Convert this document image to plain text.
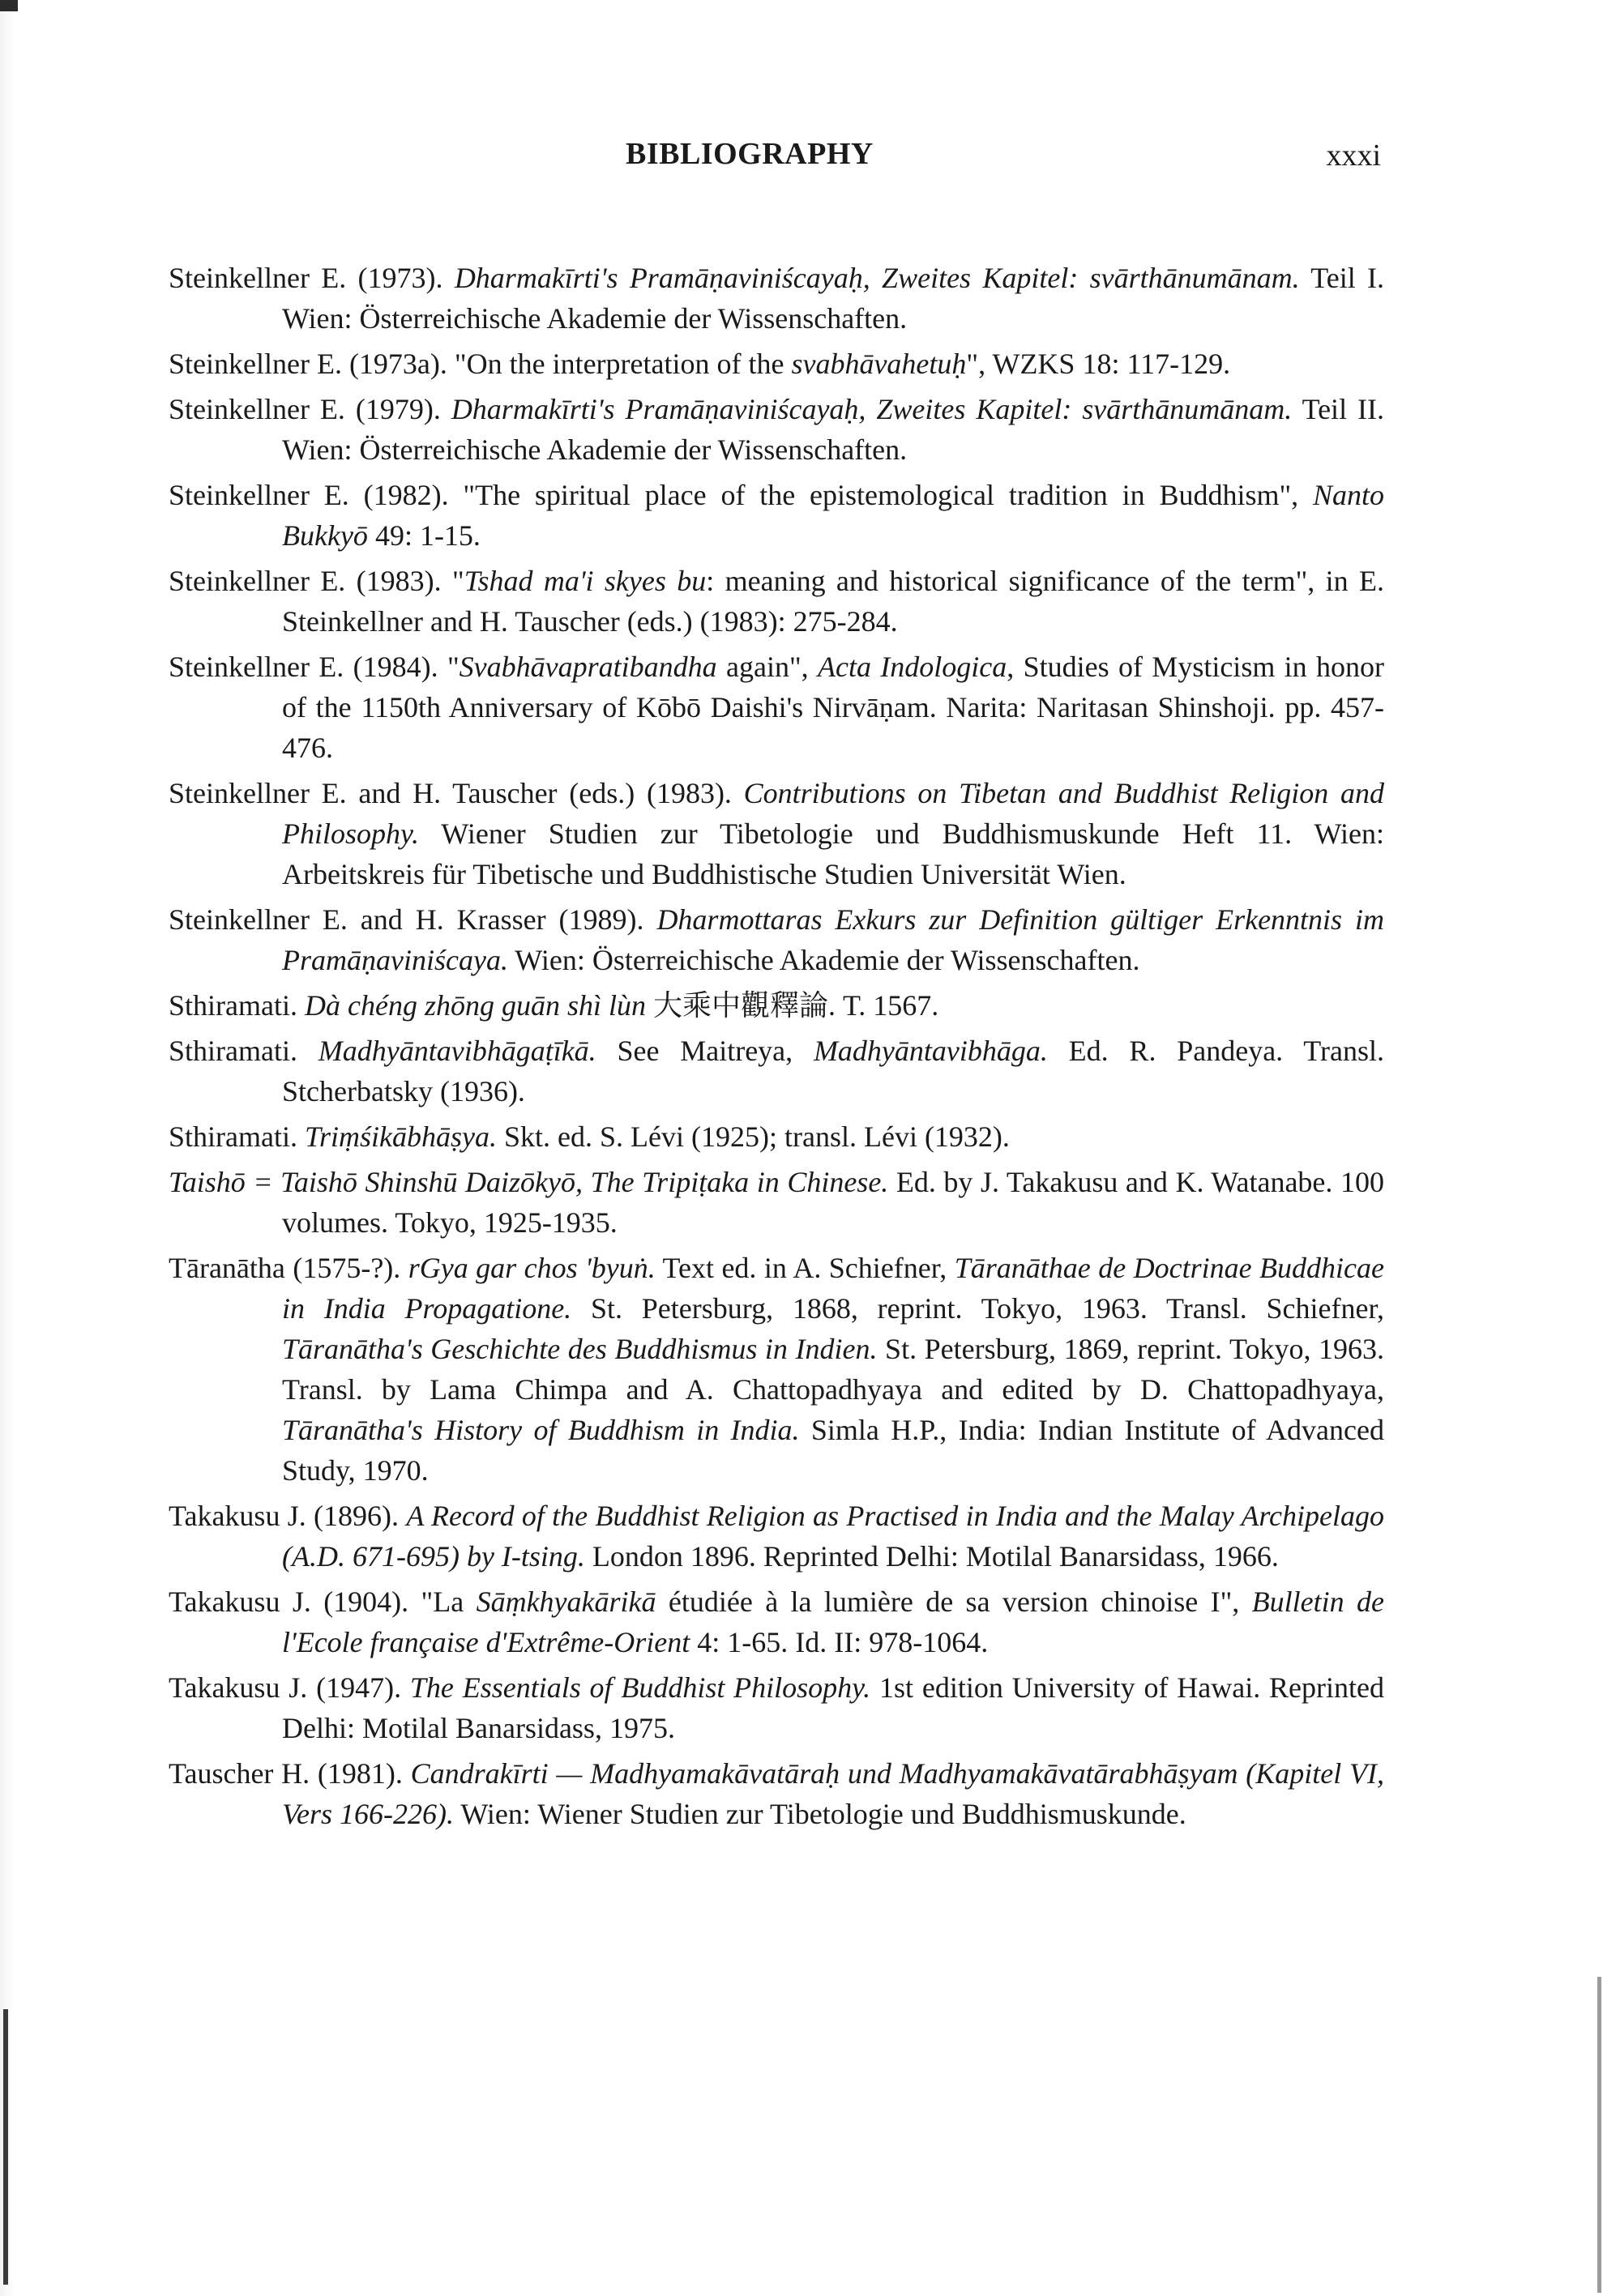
BIBLIOGRAPHY	xxxi

Steinkellner E. (1973). Dharmakīrti's Pramāṇaviniścayaḥ, Zweites Kapitel: svārthānumānam. Teil I. Wien: Österreichische Akademie der Wissenschaften.

Steinkellner E. (1973a). "On the interpretation of the svabhāvahetuḥ", WZKS 18: 117-129.

Steinkellner E. (1979). Dharmakīrti's Pramāṇaviniścayaḥ, Zweites Kapitel: svārthānumānam. Teil II. Wien: Österreichische Akademie der Wissenschaften.

Steinkellner E. (1982). "The spiritual place of the epistemological tradition in Buddhism", Nanto Bukkyō 49: 1-15.

Steinkellner E. (1983). "Tshad ma'i skyes bu: meaning and historical significance of the term", in E. Steinkellner and H. Tauscher (eds.) (1983): 275-284.

Steinkellner E. (1984). "Svabhāvapratibandha again", Acta Indologica, Studies of Mysticism in honor of the 1150th Anniversary of Kōbō Daishi's Nirvāṇam. Narita: Naritasan Shinshoji. pp. 457-476.

Steinkellner E. and H. Tauscher (eds.) (1983). Contributions on Tibetan and Buddhist Religion and Philosophy. Wiener Studien zur Tibetologie und Buddhismuskunde Heft 11. Wien: Arbeitskreis für Tibetische und Buddhistische Studien Universität Wien.

Steinkellner E. and H. Krasser (1989). Dharmottaras Exkurs zur Definition gültiger Erkenntnis im Pramāṇaviniścaya. Wien: Österreichische Akademie der Wissenschaften.

Sthiramati. Dà chéng zhōng guān shì lùn 大乘中觀釋論. T. 1567.

Sthiramati. Madhyāntavibhāgaṭīkā. See Maitreya, Madhyāntavibhāga. Ed. R. Pandeya. Transl. Stcherbatsky (1936).

Sthiramati. Triṃśikābhāṣya. Skt. ed. S. Lévi (1925); transl. Lévi (1932).

Taishō = Taishō Shinshū Daizōkyō, The Tripiṭaka in Chinese. Ed. by J. Takakusu and K. Watanabe. 100 volumes. Tokyo, 1925-1935.

Tāranātha (1575-?). rGya gar chos 'byuṅ. Text ed. in A. Schiefner, Tāranāthae de Doctrinae Buddhicae in India Propagatione. St. Petersburg, 1868, reprint. Tokyo, 1963. Transl. Schiefner, Tāranātha's Geschichte des Buddhismus in Indien. St. Petersburg, 1869, reprint. Tokyo, 1963. Transl. by Lama Chimpa and A. Chattopadhyaya and edited by D. Chattopadhyaya, Tāranātha's History of Buddhism in India. Simla H.P., India: Indian Institute of Advanced Study, 1970.

Takakusu J. (1896). A Record of the Buddhist Religion as Practised in India and the Malay Archipelago (A.D. 671-695) by I-tsing. London 1896. Reprinted Delhi: Motilal Banarsidass, 1966.

Takakusu J. (1904). "La Sāṃkhyakārikā étudiée à la lumière de sa version chinoise I", Bulletin de l'Ecole française d'Extrême-Orient 4: 1-65. Id. II: 978-1064.

Takakusu J. (1947). The Essentials of Buddhist Philosophy. 1st edition University of Hawai. Reprinted Delhi: Motilal Banarsidass, 1975.

Tauscher H. (1981). Candrakīrti — Madhyamakāvatāraḥ und Madhyamakāvatārabhāṣyam (Kapitel VI, Vers 166-226). Wien: Wiener Studien zur Tibetologie und Buddhismuskunde.
